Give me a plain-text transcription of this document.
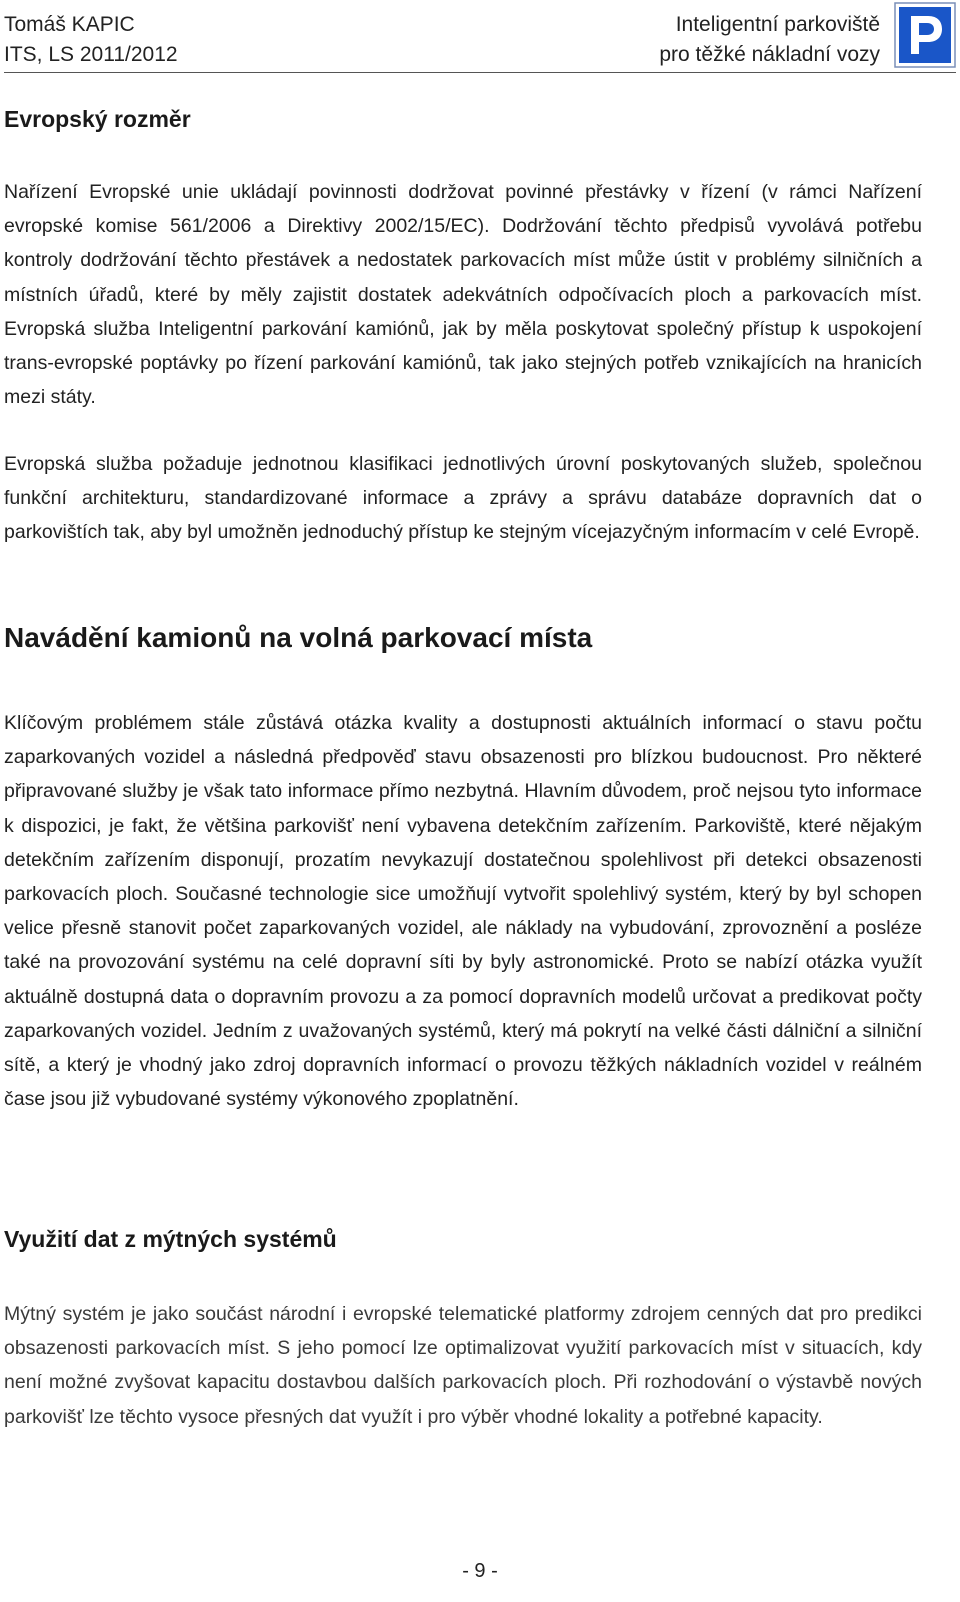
Tomáš KAPIC
ITS, LS 2011/2012
Inteligentní parkoviště
pro těžké nákladní vozy
Evropský rozměr
Nařízení Evropské unie ukládají povinnosti dodržovat povinné přestávky v řízení (v rámci Nařízení evropské komise 561/2006 a Direktivy 2002/15/EC). Dodržování těchto předpisů vyvolává potřebu kontroly dodržování těchto přestávek a nedostatek parkovacích míst může ústit v problémy silničních a místních úřadů, které by měly zajistit dostatek adekvátních odpočívacích ploch a parkovacích míst. Evropská služba Inteligentní parkování kamiónů, jak by měla poskytovat společný přístup k uspokojení trans-evropské poptávky po řízení parkování kamiónů, tak jako stejných potřeb vznikajících na hranicích mezi státy.
Evropská služba požaduje jednotnou klasifikaci jednotlivých úrovní poskytovaných služeb, společnou funkční architekturu, standardizované informace a zprávy a správu databáze dopravních dat o parkovištích tak, aby byl umožněn jednoduchý přístup ke stejným vícejazyčným informacím v celé Evropě.
Navádění kamionů na volná parkovací místa
Klíčovým problémem stále zůstává otázka kvality a dostupnosti aktuálních informací o stavu počtu zaparkovaných vozidel a následná předpověď stavu obsazenosti pro blízkou budoucnost. Pro některé připravované služby je však tato informace přímo nezbytná. Hlavním důvodem, proč nejsou tyto informace k dispozici, je fakt, že většina parkovišť není vybavena detekčním zařízením. Parkoviště, které nějakým detekčním zařízením disponují, prozatím nevykazují dostatečnou spolehlivost při detekci obsazenosti parkovacích ploch. Současné technologie sice umožňují vytvořit spolehlivý systém, který by byl schopen velice přesně stanovit počet zaparkovaných vozidel, ale náklady na vybudování, zprovoznění a posléze také na provozování systému na celé dopravní síti by byly astronomické. Proto se nabízí otázka využít aktuálně dostupná data o dopravním provozu a za pomocí dopravních modelů určovat a predikovat počty zaparkovaných vozidel. Jedním z uvažovaných systémů, který má pokrytí na velké části dálniční a silniční sítě, a který je vhodný jako zdroj dopravních informací o provozu těžkých nákladních vozidel v reálném čase jsou již vybudované systémy výkonového zpoplatnění.
Využití dat z mýtných systémů
Mýtný systém je jako součást národní i evropské telematické platformy zdrojem cenných dat pro predikci obsazenosti parkovacích míst. S jeho pomocí lze optimalizovat využití parkovacích míst v situacích, kdy není možné zvyšovat kapacitu dostavbou dalších parkovacích ploch. Při rozhodování o výstavbě nových parkovišť lze těchto vysoce přesných dat využít i pro výběr vhodné lokality a potřebné kapacity.
- 9 -
